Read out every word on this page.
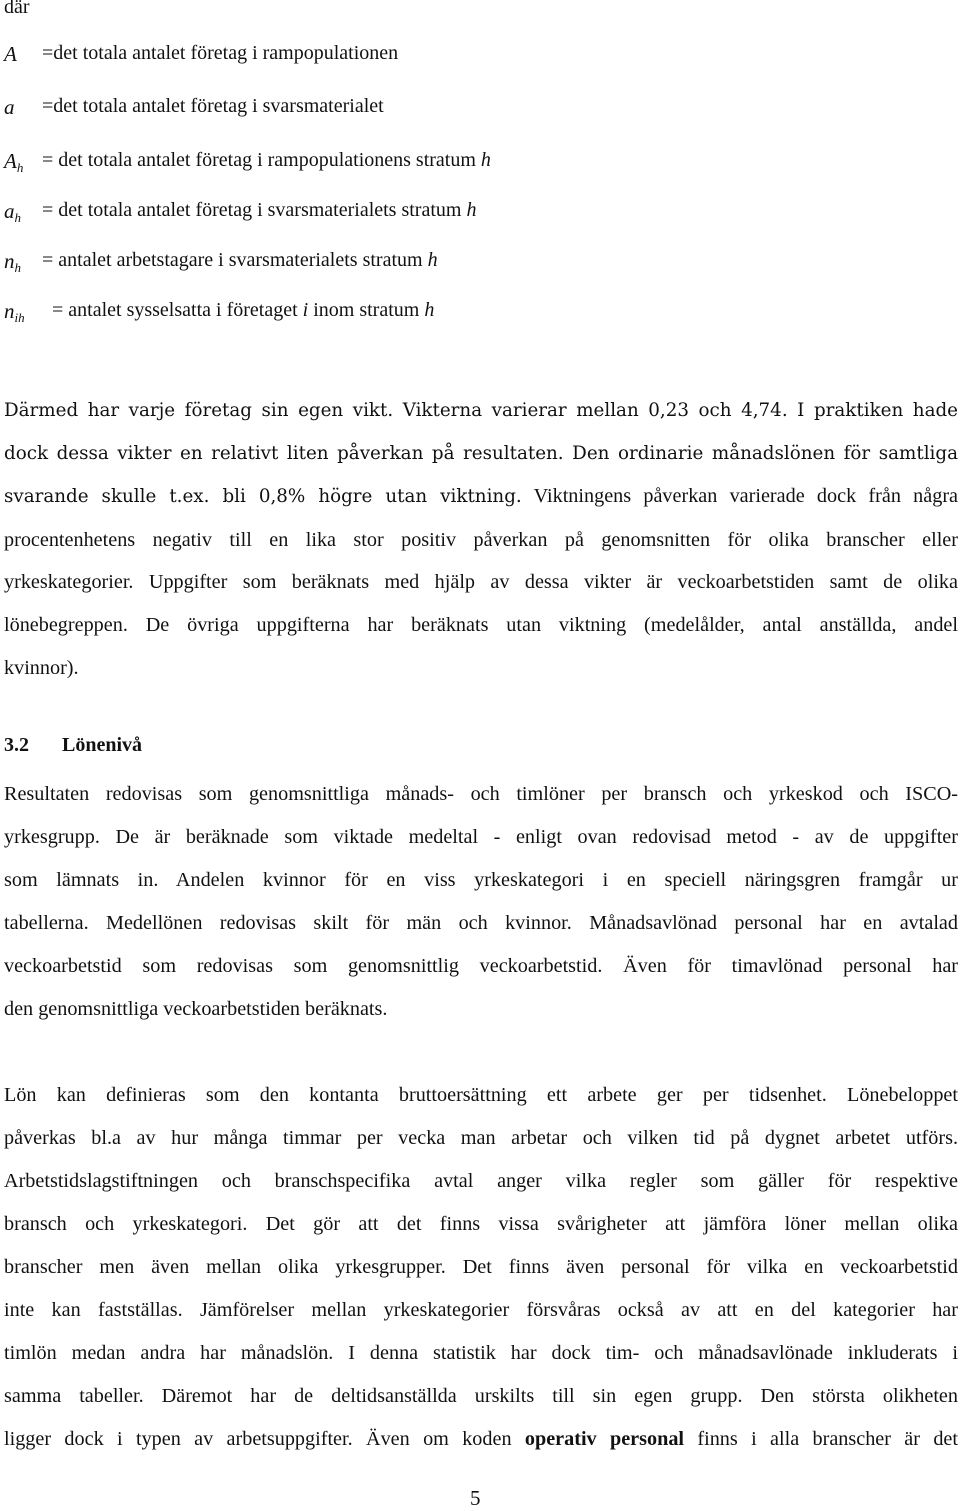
där
A =det totala antalet företag i rampopulationen
a =det totala antalet företag i svarsmaterialet
$A_h = \det$ totala antalet företag i rampopulationens stratum h
$a_h = \det$ totala antalet företag i svarsmaterialets stratum h
$n_h$ = antalet arbetstagare i svarsmaterialets stratum h
$n_{ih}$ = antalet sysselsatta i företaget i inom stratum h
Därmed har varje företag sin egen vikt. Vikterna varierar mellan 0,23 och 4,74. I praktiken hade
dock dessa vikter en relativt liten påverkan på resultaten. Den ordinarie månadslönen för samtliga
svarande skulle t.ex. bli 0,8% högre utan viktning. Viktningens påverkan varierade dock från några
procentenhetens negativ till en lika stor positiv påverkan på genomsnitten för olika branscher eller
yrkeskategorier. Uppgifter som beräknats med hjälp av dessa vikter är veckoarbetstiden samt de olika
lönebegreppen. De övriga uppgifterna har beräknats utan viktning (medelålder, antal anställda, andel
kvinnor).
3.2 Lönenivå
Resultaten redovisas som genomsnittliga månads- och timlöner per bransch och yrkeskod och ISCO-
yrkesgrupp. De är beräknade som viktade medeltal - enligt ovan redovisad metod - av de uppgifter
som lämnats in. Andelen kvinnor för en viss yrkeskategori i en speciell näringsgren framgår ur
tabellerna. Medellönen redovisas skilt för män och kvinnor. Månadsavlönad personal har en avtalad
veckoarbetstid som redovisas som genomsnittlig veckoarbetstid. Även för timavlönad personal har
den genomsnittliga veckoarbetstiden beräknats.
Lön kan definieras som den kontanta bruttoersättning ett arbete ger per tidsenhet. Lönebeloppet
påverkas bl.a av hur många timmar per vecka man arbetar och vilken tid på dygnet arbetet utförs.
Arbetstidslagstiftningen och branschspecifika avtal anger vilka regler som gäller för respektive
bransch och yrkeskategori. Det gör att det finns vissa svårigheter att jämföra löner mellan olika
branscher men även mellan olika yrkesgrupper. Det finns även personal för vilka en veckoarbetstid
inte kan fastställas. Jämförelser mellan yrkeskategorier försvåras också av att en del kategorier har
timlön medan andra har månadslön. I denna statistik har dock tim- och månadsavlönade inkluderats i
samma tabeller. Däremot har de deltidsanställda urskilts till sin egen grupp. Den största olikheten
ligger dock i typen av arbetsuppgifter. Även om koden operativ personal finns i alla branscher är det
5
